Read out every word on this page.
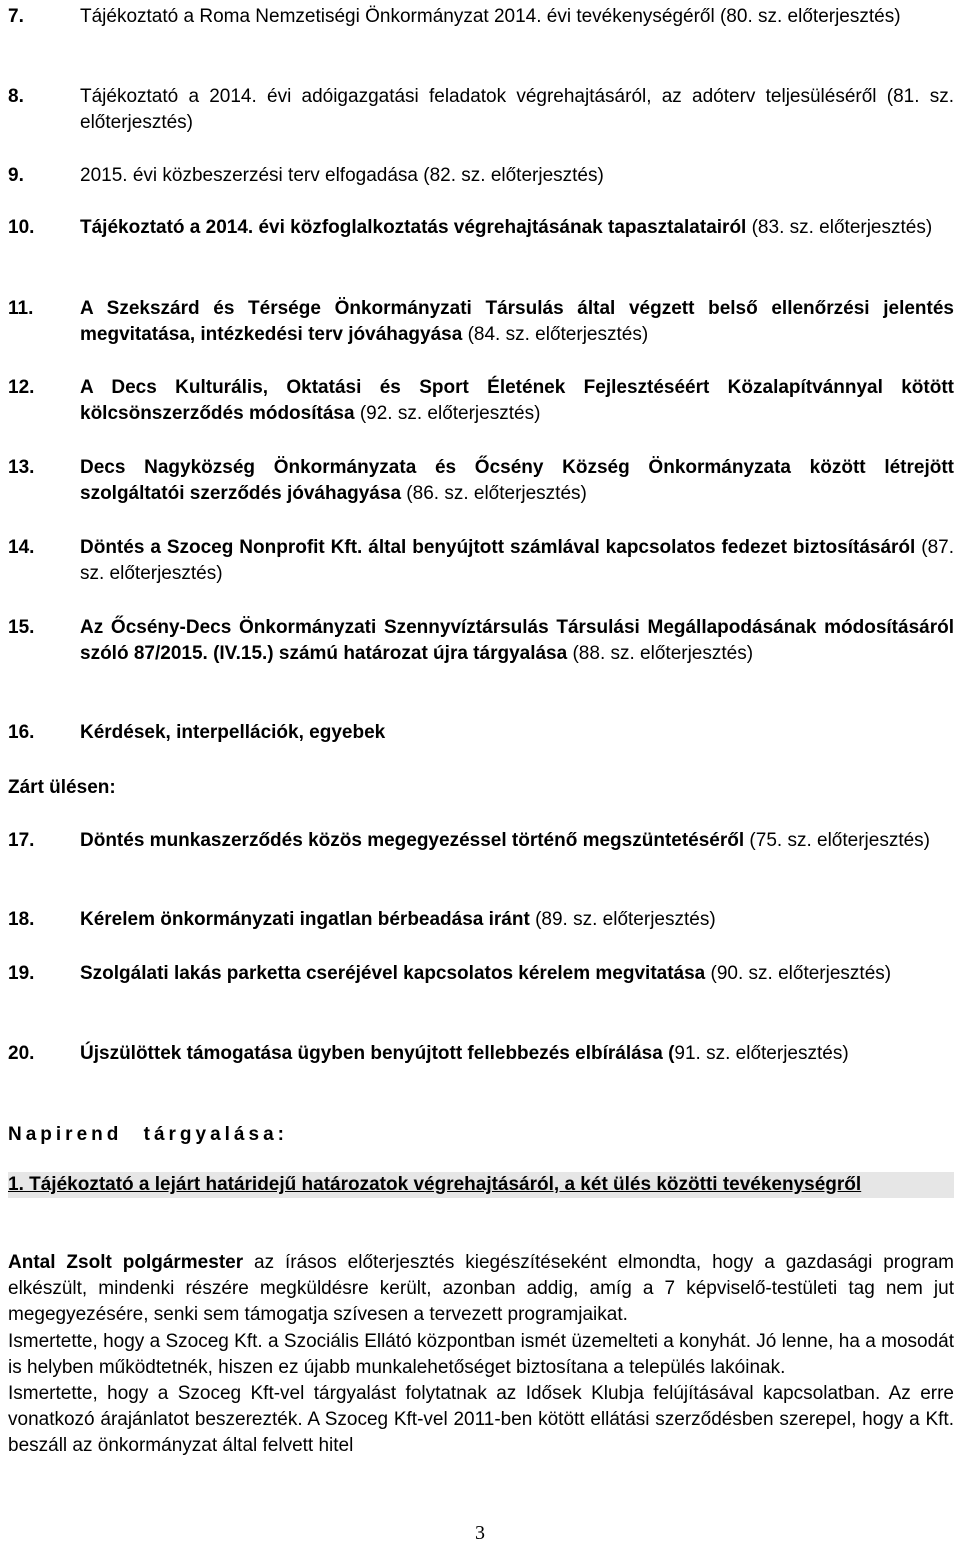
7.	Tájékoztató a Roma Nemzetiségi Önkormányzat 2014. évi tevékenységéről (80. sz. előterjesztés)
8.	Tájékoztató a 2014. évi adóigazgatási feladatok végrehajtásáról, az adóterv teljesüléséről (81. sz. előterjesztés)
9.	2015. évi közbeszerzési terv elfogadása (82. sz. előterjesztés)
10. Tájékoztató a 2014. évi közfoglalkoztatás végrehajtásának tapasztalatairól (83. sz. előterjesztés)
11. A Szekszárd és Térsége Önkormányzati Társulás által végzett belső ellenőrzési jelentés megvitatása, intézkedési terv jóváhagyása (84. sz. előterjesztés)
12. A Decs Kulturális, Oktatási és Sport Életének Fejlesztéséért Közalapítvánnyal kötött kölcsönszerződés módosítása (92. sz. előterjesztés)
13. Decs Nagyközség Önkormányzata és Őcsény Község Önkormányzata között létrejött szolgáltatói szerződés jóváhagyása (86. sz. előterjesztés)
14. Döntés a Szoceg Nonprofit Kft. által benyújtott számlával kapcsolatos fedezet biztosításáról (87. sz. előterjesztés)
15. Az Őcsény-Decs Önkormányzati Szennyvíztársulás Társulási Megállapodásának módosításáról szóló 87/2015. (IV.15.) számú határozat újra tárgyalása (88. sz. előterjesztés)
16. Kérdések, interpellációk, egyebek
Zárt ülésen:
17. Döntés munkaszerződés közös megegyezéssel történő megszüntetéséről (75. sz. előterjesztés)
18. Kérelem önkormányzati ingatlan bérbeadása iránt (89. sz. előterjesztés)
19. Szolgálati lakás parketta cseréjével kapcsolatos kérelem megvitatása (90. sz. előterjesztés)
20. Újszülöttek támogatása ügyben benyújtott fellebbezés elbírálása (91. sz. előterjesztés)
Napirend tárgyalása:
1. Tájékoztató a lejárt határidejű határozatok végrehajtásáról, a két ülés közötti tevékenységről

Antal Zsolt polgármester az írásos előterjesztés kiegészítéseként elmondta, hogy a gazdasági program elkészült, mindenki részére megküldésre került, azonban addig, amíg a 7 képviselő-testületi tag nem jut megegyezésére, senki sem támogatja szívesen a tervezett programjaikat.

Ismertette, hogy a Szoceg Kft. a Szociális Ellátó központban ismét üzemelteti a konyhát. Jó lenne, ha a mosodát is helyben működtetnék, hiszen ez újabb munkalehetőséget biztosítana a település lakóinak.

Ismertette, hogy a Szoceg Kft-vel tárgyalást folytatnak az Idősek Klubja felújításával kapcsolatban. Az erre vonatkozó árajánlatot beszerezték. A Szoceg Kft-vel 2011-ben kötött ellátási szerződésben szerepel, hogy a Kft. beszáll az önkormányzat által felvett hitel

3
